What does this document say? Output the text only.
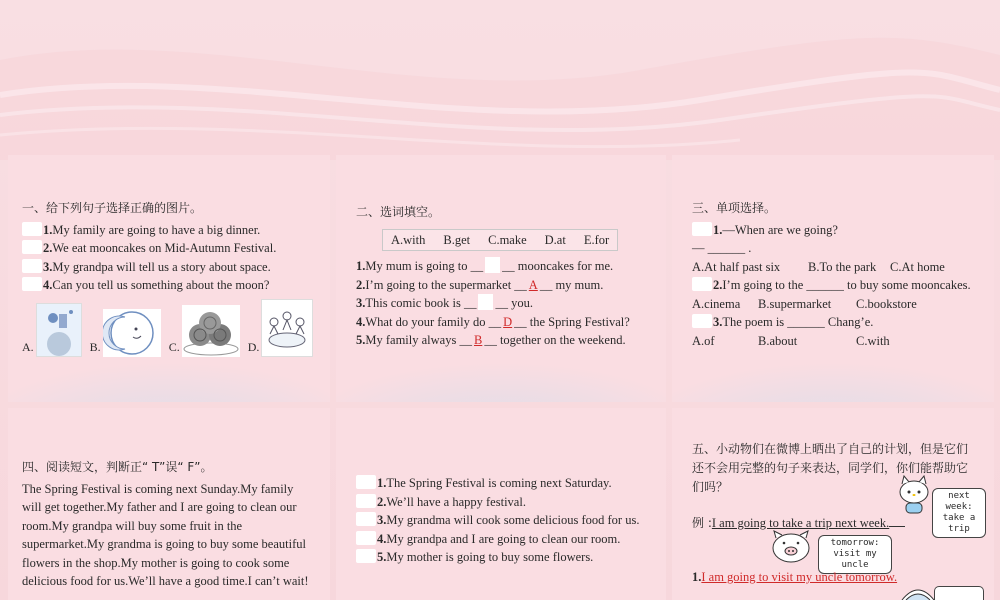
一、给下列句子选择正确的图片。

1.My family are going to have a big dinner.

2.We eat mooncakes on Mid-Autumn Festival.

3.My grandpa will tell us a story about space.

4.Can you tell us something about the moon?

A.	B.	C.	D.

二、选词填空。

A.with B.get C.make D.at E.for

1.My mum is going to __ __ mooncakes for me.

2.I’m going to the supermarket __ A __ my mum.

3.This comic book is __ __ you.

4.What do your family do __ D __ the Spring Festival?

5.My family always __ B __ together on the weekend.

三、单项选择。

1.—When are we going?

— ______ .

A.At half past six B.To the park C.At home

2.I’m going to the ______ to buy some mooncakes.

A.cinema B.supermarket C.bookstore

3.The poem is ______ Chang’e.

A.of	B.about	C.with

四、阅读短文，判断正“ T”误“ F”。

The Spring Festival is coming next Sunday.My family will get together.My father and I are going to clean our room.My grandpa will buy some fruit in the supermarket.My grandma is going to buy some beautiful flowers in the shop.My mother is going to cook some delicious food for us.We’ll have a good time.I can’t wait!

1.The Spring Festival is coming next Saturday.

2.We’ll have a happy festival.

3.My grandma will cook some delicious food for us.

4.My grandpa and I are going to clean our room.

5.My mother is going to buy some flowers.

五、小动物们在微博上晒出了自己的计划，但是它们还不会用完整的句子来表达，同学们，你们能帮助它们吗？

next week: take a trip

例 :I am going to take a trip next week.

tomorrow: visit my uncle

1.I am going to visit my uncle tomorrow.
